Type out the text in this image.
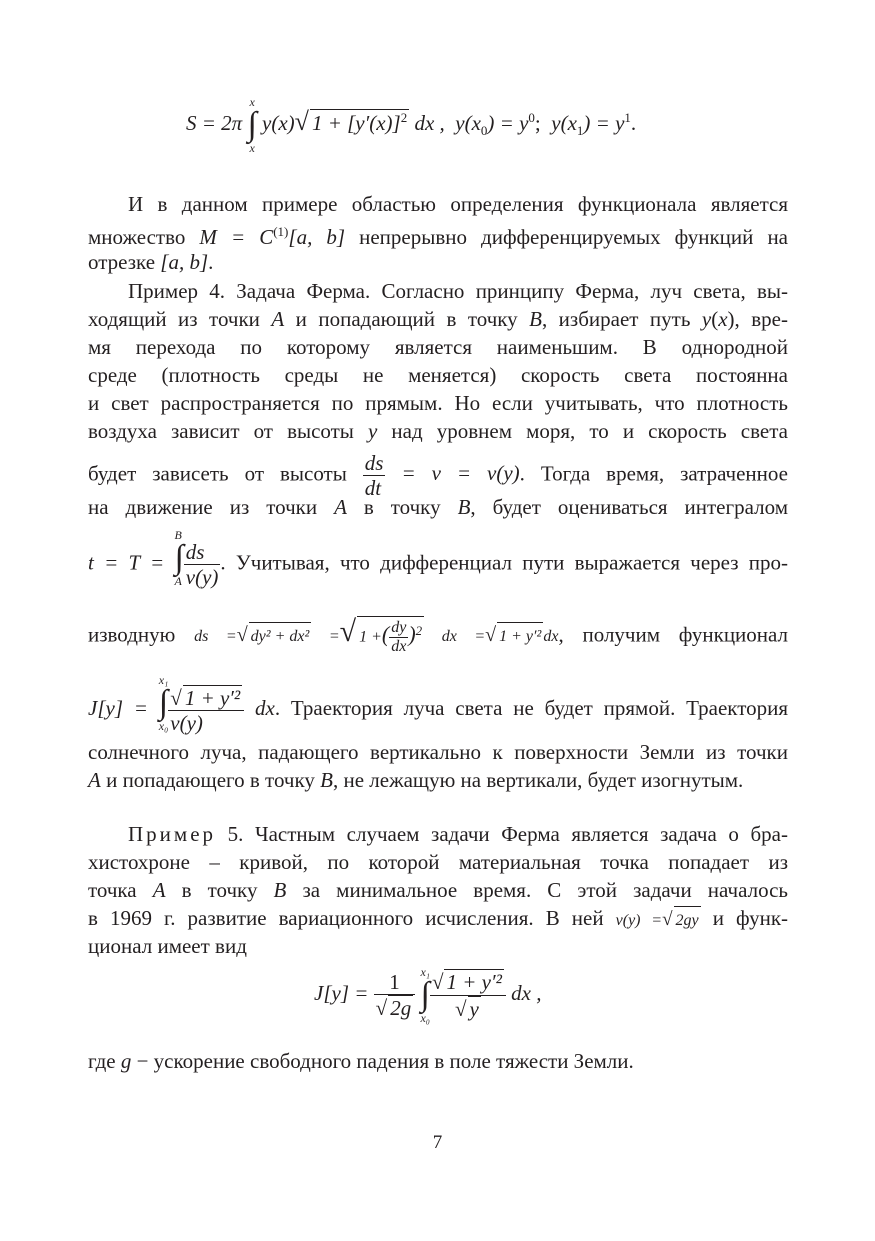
S = 2π
x
∫
x
y(x)√ $1 + [y'(x)]^2$ dx , $y(x_0) = y^0$; $y(x_1) = y^1$.
И в данном примере областью определения функционала является
множество $M = C^{(1)}[a$, b] непрерывно дифференцируемых функций на
отрезке [a, b].
Пример 4. Задача Ферма. Согласно принципу Ферма, луч света, вы-
ходящий из точки A и попадающий в точку B, избирает путь y(x), вре-
мя перехода по которому является наименьшим. В однородной
среде (плотность среды не меняется) скорость света постоянна
и свет распространяется по прямым. Но если учитывать, что плотность
воздуха зависит от высоты y над уровнем моря, то и скорость света
будет зависеть от высоты $\frac{ds}{dt} = v = v(y)$. Тогда время, затраченное
на движение из точки A в точку B, будет оцениваться интегралом
t = T =
B
∫
A $\frac{ds}{v(y)}$ . Учитывая, что дифференциал пути выражается через про-
изводную ds =√ dy² + dx² =√ 1 +( $\frac{dy}{dx} )^2$ dx =√ 1 + y′² dx, получим функционал
J[y] =
x₁
∫
$x_0 \frac{\text{√ 1 + y′²}}{v(y)}$ dx. Траектория луча света не будет прямой. Траектория
солнечного луча, падающего вертикально к поверхности Земли из точки
A и попадающего в точку B, не лежащую на вертикали, будет изогнутым.
Пример 5. Частным случаем задачи Ферма является задача о бра-
хистохроне – кривой, по которой материальная точка попадает из
точка A в точку B за минимальное время. С этой задачи началось
в 1969 г. развитие вариационного исчисления. В ней v(y) =√ 2gy и функ-
ционал имеет вид
$J[y] = \frac{1}{√ 2g}$
x₁
∫
$x_0 \frac{\text{√ 1 + y′²}}{√ y}$ dx ,
где g − ускорение свободного падения в поле тяжести Земли.
7
